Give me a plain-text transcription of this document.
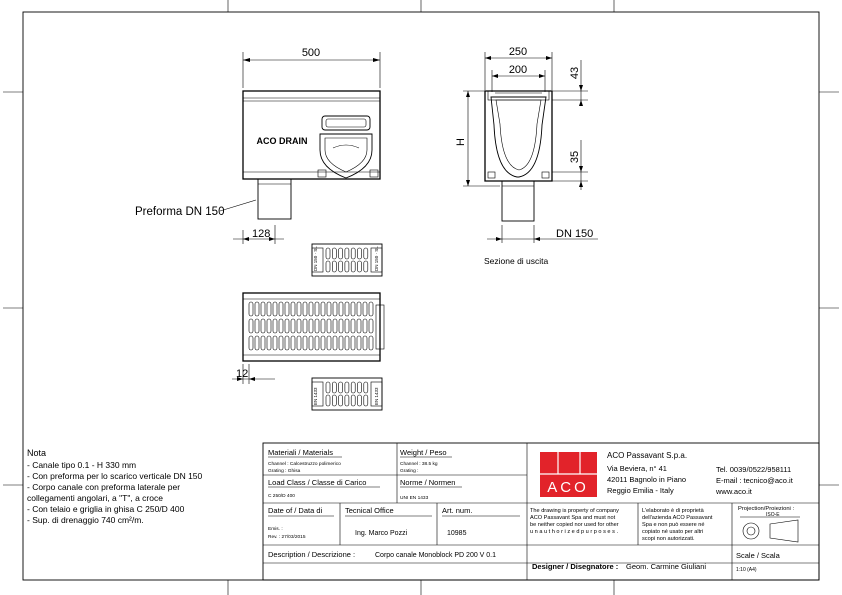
500
ACO DRAIN
Preforma DN 150
128
250
200
H
43
35
DN 150
Sezione di uscita
DN 150 · SL	DN 150 · SL
12
EN 1433	EN 1433
Nota
- Canale tipo 0.1 - H 330 mm
- Con preforma per lo scarico verticale DN 150
- Corpo canale con preforma laterale per
collegamenti angolari, a "T", a croce
- Con telaio e griglia in ghisa C 250/D 400
- Sup. di drenaggio 740 cm²/m.
Materiali / Materials
Channel : Calcestruzzo polimerico
Grating : Ghisa
Weight / Peso
Channel : 38.5 kg
Grating :
Load Class / Classe di Carico
C 250/D 400
Norme / Normen
UNI EN 1433
Date of / Data di
Emis. :
Rev. : 27/03/2015
Tecnical Office
Ing. Marco Pozzi
Art. num.
10985
Description / Descrizione :	Corpo canale Monoblock PD 200 V 0.1
The drawing is property of company
ACO Passavant Spa and must not
be neither copied nor used for other
u n a u t h o r i z e d p u r p o s e s .
L'elaborato è di proprietà
dell'azienda ACO Passavant
Spa e non può essere né
copiato né usato per altri
scopi non autorizzati.
Designer / Disegnatore : Geom. Carmine Giuliani
Scale / Scala
1:10 (A4)
Projection/Proiezioni :
ISO-E
ACO
ACO Passavant S.p.a.
Via Beviera, n° 41
42011 Bagnolo in Piano
Reggio Emilia - Italy
Tel. 0039/0522/958111
E-mail : tecnico@aco.it
www.aco.it
